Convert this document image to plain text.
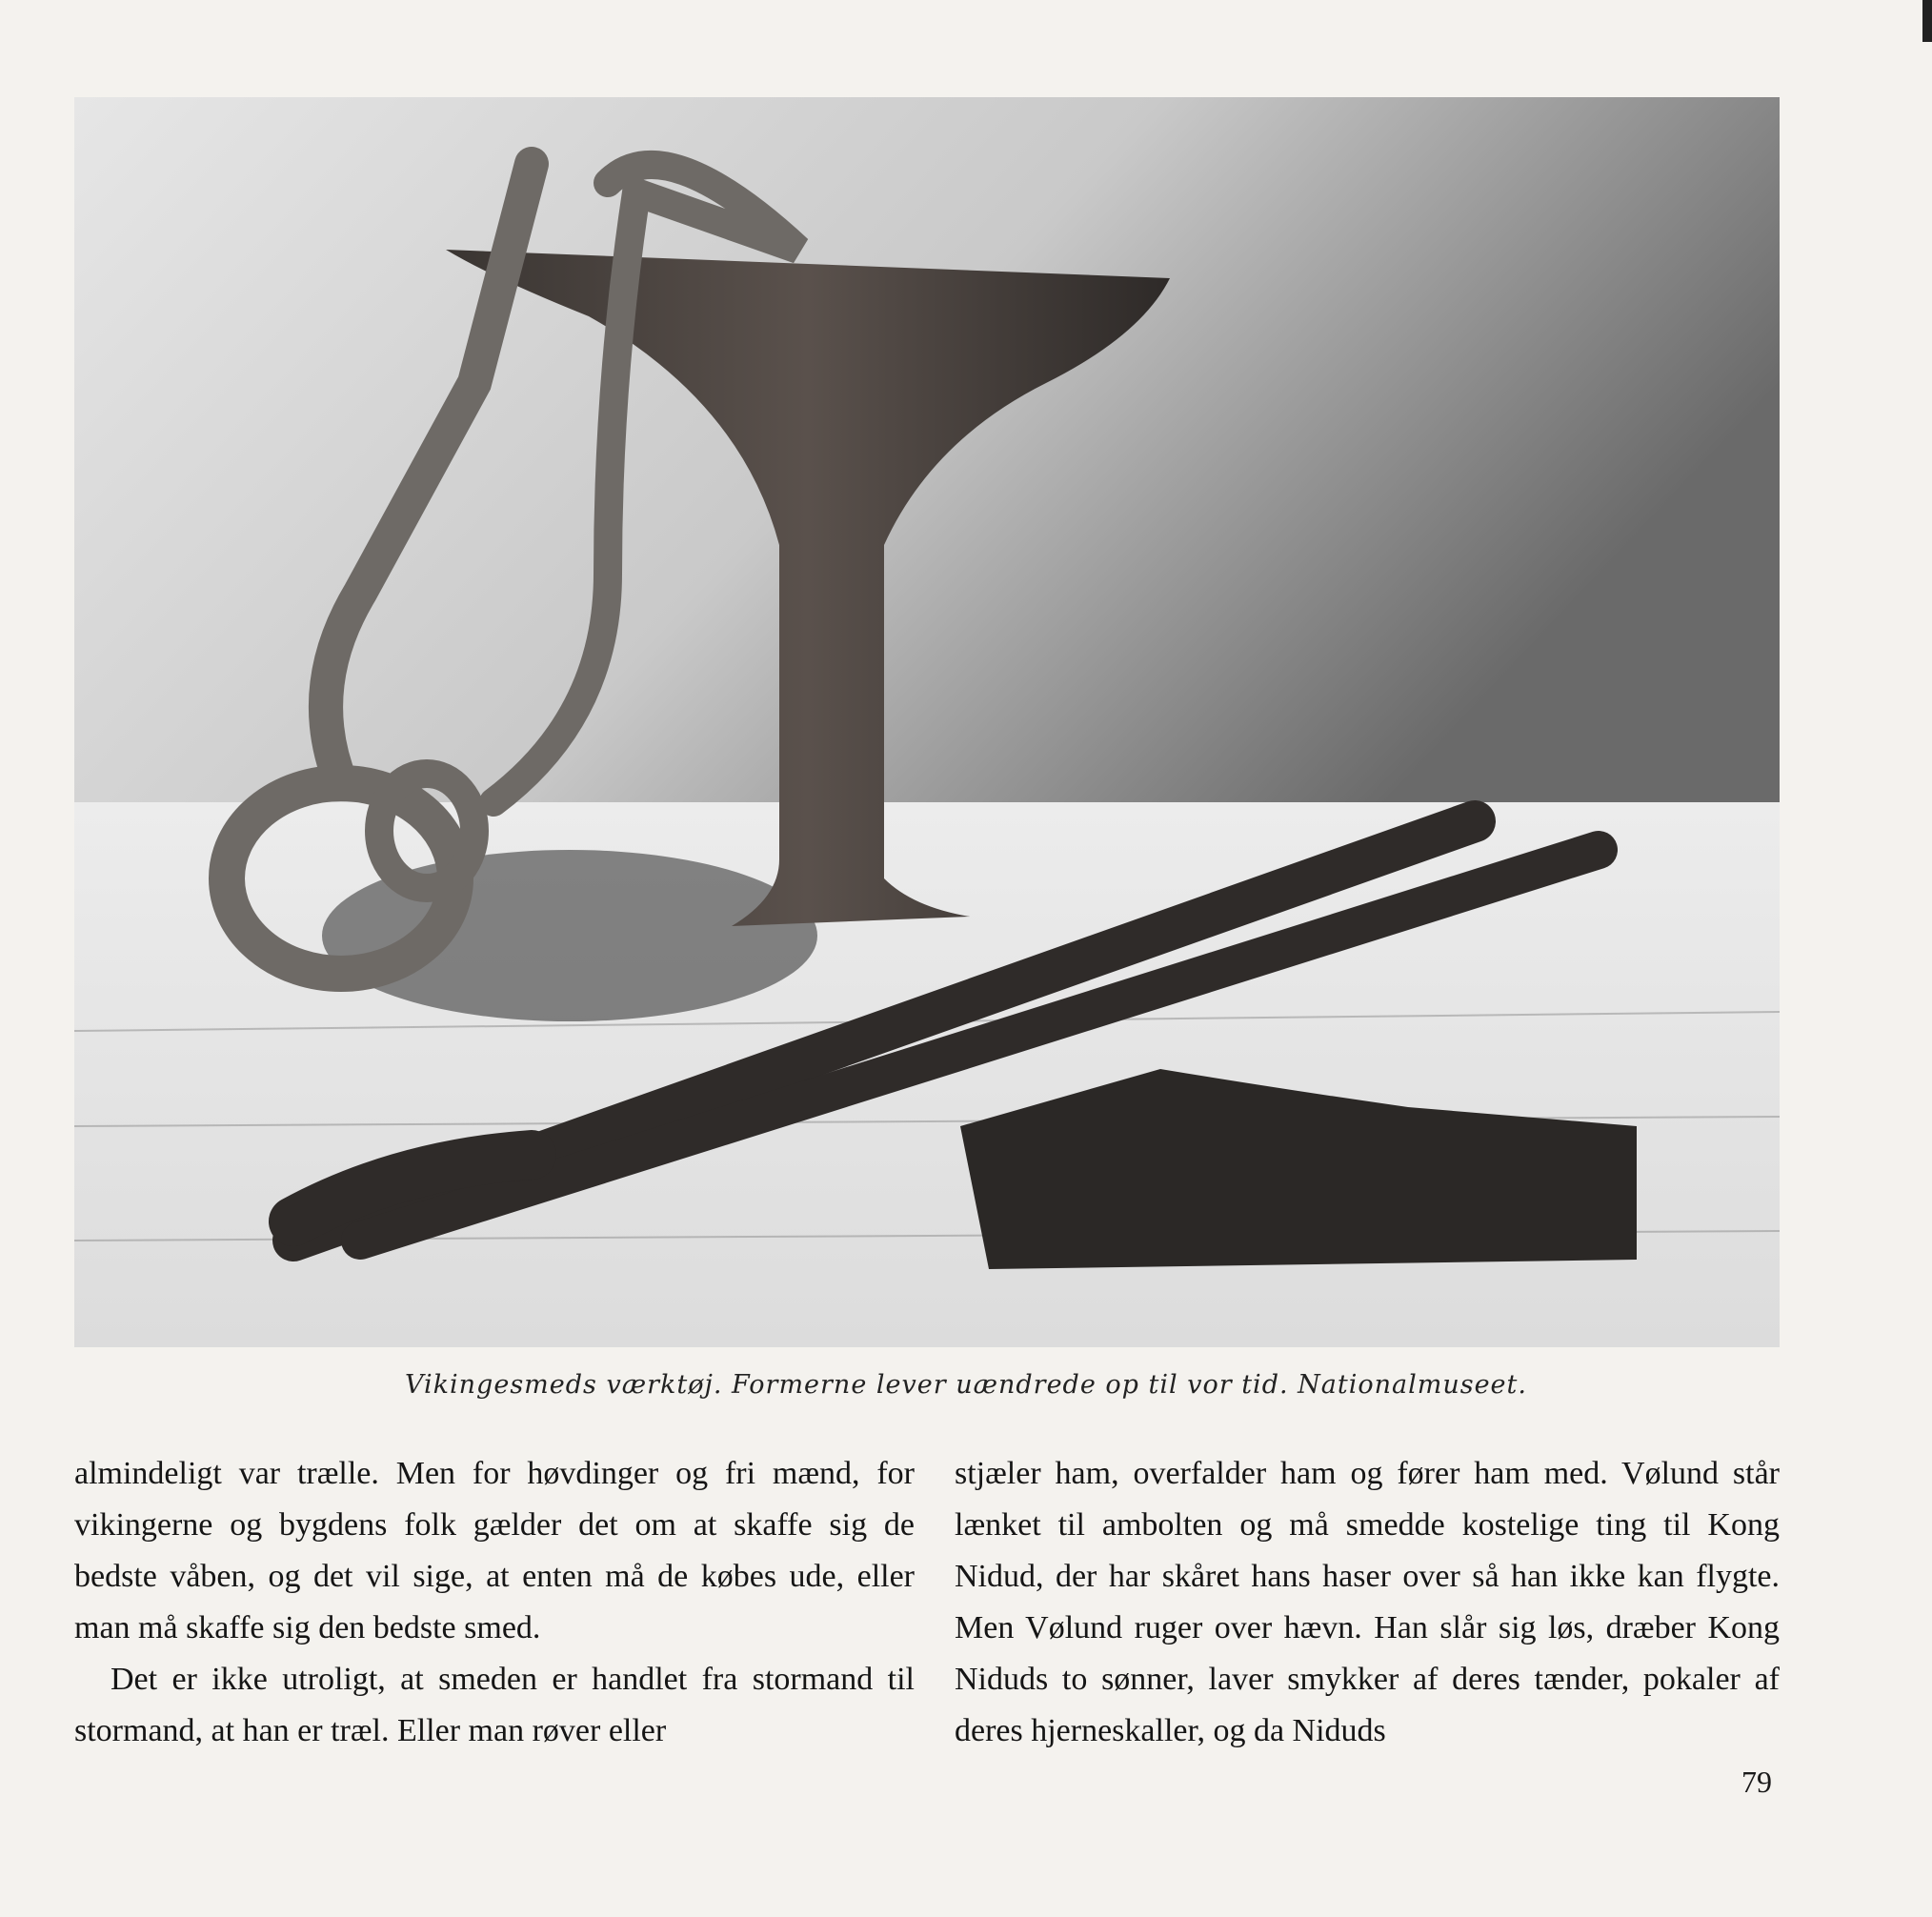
Vikingesmeds værktøj. Formerne lever uændrede op til vor tid. Nationalmuseet.

almindeligt var trælle. Men for høvdinger og fri mænd, for vikingerne og bygdens folk gælder det om at skaffe sig de bedste våben, og det vil sige, at enten må de købes ude, eller man må skaffe sig den bedste smed.

Det er ikke utroligt, at smeden er handlet fra stormand til stormand, at han er træl. Eller man røver eller

stjæler ham, overfalder ham og fører ham med. Vølund står lænket til ambolten og må smedde kostelige ting til Kong Nidud, der har skåret hans haser over så han ikke kan flygte. Men Vølund ruger over hævn. Han slår sig løs, dræber Kong Niduds to sønner, laver smykker af deres tænder, pokaler af deres hjerneskaller, og da Niduds

79
